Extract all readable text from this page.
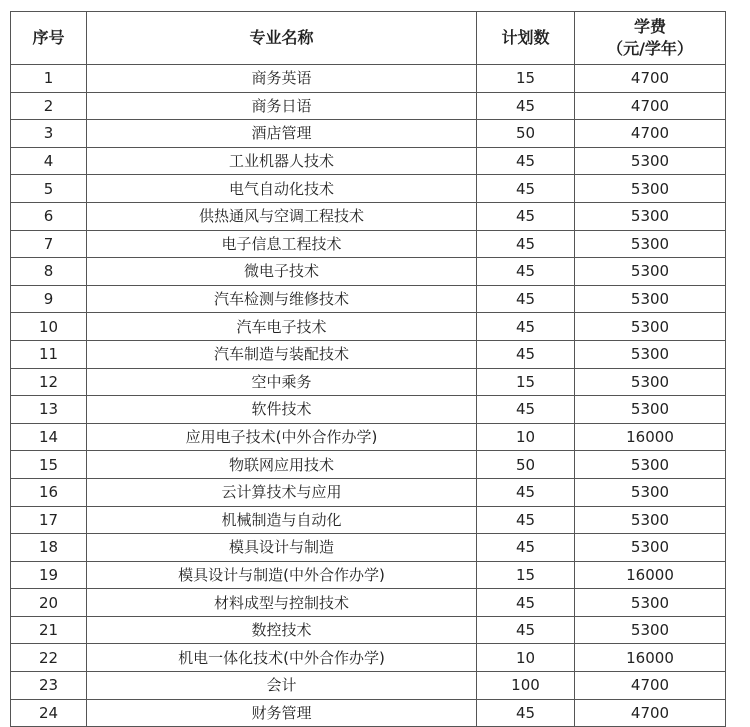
序号	专业名称	计划数	学费
（元/学年）

1	商务英语	15	4700
2	商务日语	45	4700
3	酒店管理	50	4700
4	工业机器人技术	45	5300
5	电气自动化技术	45	5300
6	供热通风与空调工程技术	45	5300
7	电子信息工程技术	45	5300
8	微电子技术	45	5300
9	汽车检测与维修技术	45	5300
10	汽车电子技术	45	5300
11	汽车制造与装配技术	45	5300
12	空中乘务	15	5300
13	软件技术	45	5300
14	应用电子技术(中外合作办学)	10	16000
15	物联网应用技术	50	5300
16	云计算技术与应用	45	5300
17	机械制造与自动化	45	5300
18	模具设计与制造	45	5300
19	模具设计与制造(中外合作办学)	15	16000
20	材料成型与控制技术	45	5300
21	数控技术	45	5300
22	机电一体化技术(中外合作办学)	10	16000
23	会计	100	4700
24	财务管理	45	4700
